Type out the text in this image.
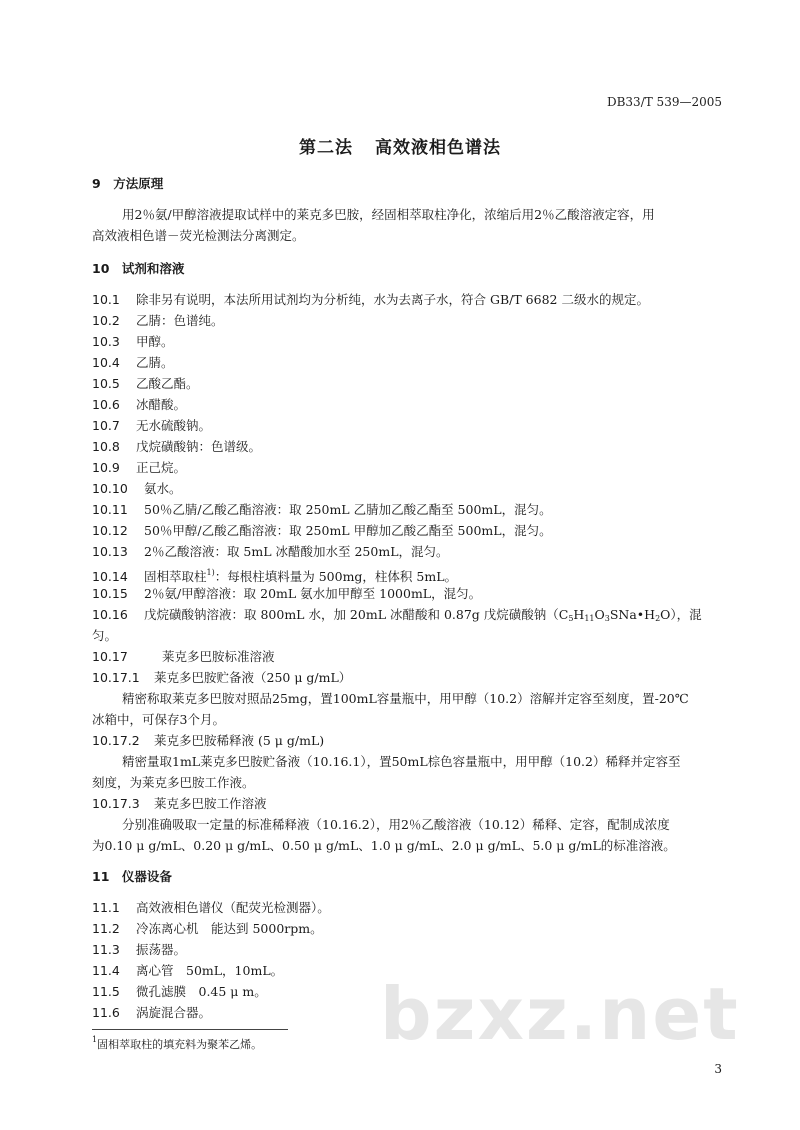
DB33/T 539—2005
第二法 高效液相色谱法
9　方法原理
用2％氨/甲醇溶液提取试样中的莱克多巴胺，经固相萃取柱净化，浓缩后用2％乙酸溶液定容，用
高效液相色谱－荧光检测法分离测定。
10　试剂和溶液
10.1 除非另有说明，本法所用试剂均为分析纯，水为去离子水，符合 GB/T 6682 二级水的规定。
10.2 乙腈：色谱纯。
10.3 甲醇。
10.4 乙腈。
10.5 乙酸乙酯。
10.6 冰醋酸。
10.7 无水硫酸钠。
10.8 戊烷磺酸钠：色谱级。
10.9 正己烷。
10.10 氨水。
10.11 50％乙腈/乙酸乙酯溶液：取 250mL 乙腈加乙酸乙酯至 500mL，混匀。
10.12 50％甲醇/乙酸乙酯溶液：取 250mL 甲醇加乙酸乙酯至 500mL，混匀。
10.13 2％乙酸溶液：取 5mL 冰醋酸加水至 250mL，混匀。
10.14 固相萃取柱$^{1)}$：每根柱填料量为 500mg，柱体积 5mL。
10.15 2％氨/甲醇溶液：取 20mL 氨水加甲醇至 1000mL，混匀。
10.16 戊烷磺酸钠溶液：取 800mL 水，加 20mL 冰醋酸和 0.87g 戊烷磺酸钠$(C_5H_{11}O_3SNa•H_2O)$，混
匀。
10.17	莱克多巴胺标准溶液
10.17.1 莱克多巴胺贮备液（250 μ g/mL）
精密称取莱克多巴胺对照品25mg，置100mL容量瓶中，用甲醇（10.2）溶解并定容至刻度，置-20℃
冰箱中，可保存3个月。
10.17.2 莱克多巴胺稀释液 (5 μ g/mL)
精密量取1mL莱克多巴胺贮备液（10.16.1），置50mL棕色容量瓶中，用甲醇（10.2）稀释并定容至
刻度，为莱克多巴胺工作液。
10.17.3 莱克多巴胺工作溶液
分别准确吸取一定量的标准稀释液（10.16.2），用2％乙酸溶液（10.12）稀释、定容，配制成浓度
为0.10 μ g/mL、0.20 μ g/mL、0.50 μ g/mL、1.0 μ g/mL、2.0 μ g/mL、5.0 μ g/mL的标准溶液。
11　仪器设备
11.1 高效液相色谱仪（配荧光检测器）。
11.2 冷冻离心机　能达到 5000rpm。
11.3 振荡器。
11.4 离心管　50mL，10mL。
11.5 微孔滤膜　0.45 μ m。
11.6 涡旋混合器。 bzxz.net
$^1$固相萃取柱的填充料为聚苯乙烯。
3
